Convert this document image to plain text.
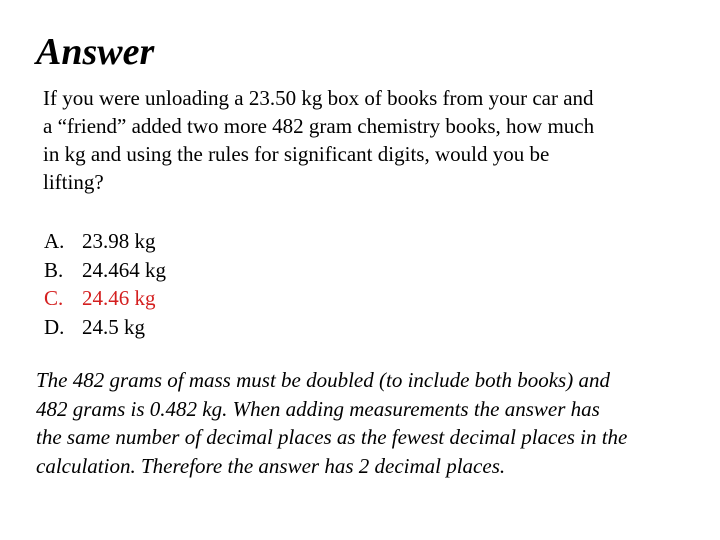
Answer
If you were unloading a 23.50 kg box of books from your car and
a “friend” added two more 482 gram chemistry books, how much
in kg and using the rules for significant digits, would you be
lifting?
A. 23.98 kg
B. 24.464 kg
C. 24.46 kg
D. 24.5 kg
The 482 grams of mass must be doubled (to include both books) and
482 grams is 0.482 kg. When adding measurements the answer has
the same number of decimal places as the fewest decimal places in the
calculation. Therefore the answer has 2 decimal places.
